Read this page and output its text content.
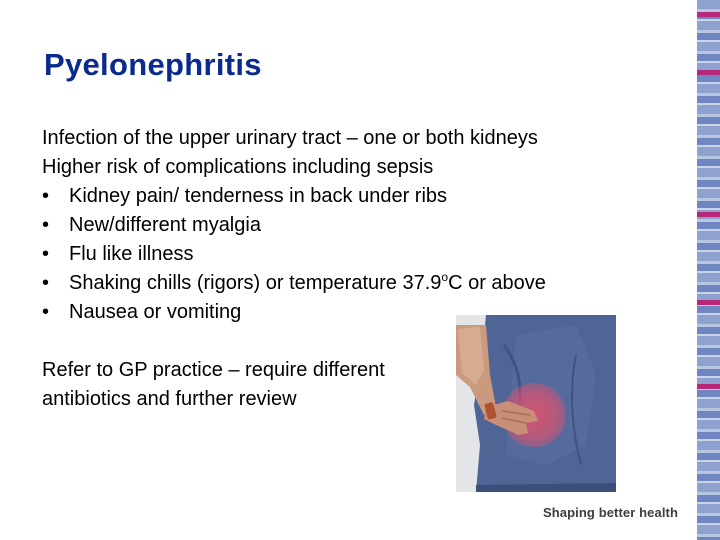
Pyelonephritis
Infection of the upper urinary tract – one or both kidneys
Higher risk of complications including sepsis
• Kidney pain/ tenderness in back under ribs
• New/different myalgia
• Flu like illness
• Shaking chills (rigors) or temperature 37.9$^o$C or above
• Nausea or vomiting
Refer to GP practice – require different
antibiotics and further review
Shaping better health
